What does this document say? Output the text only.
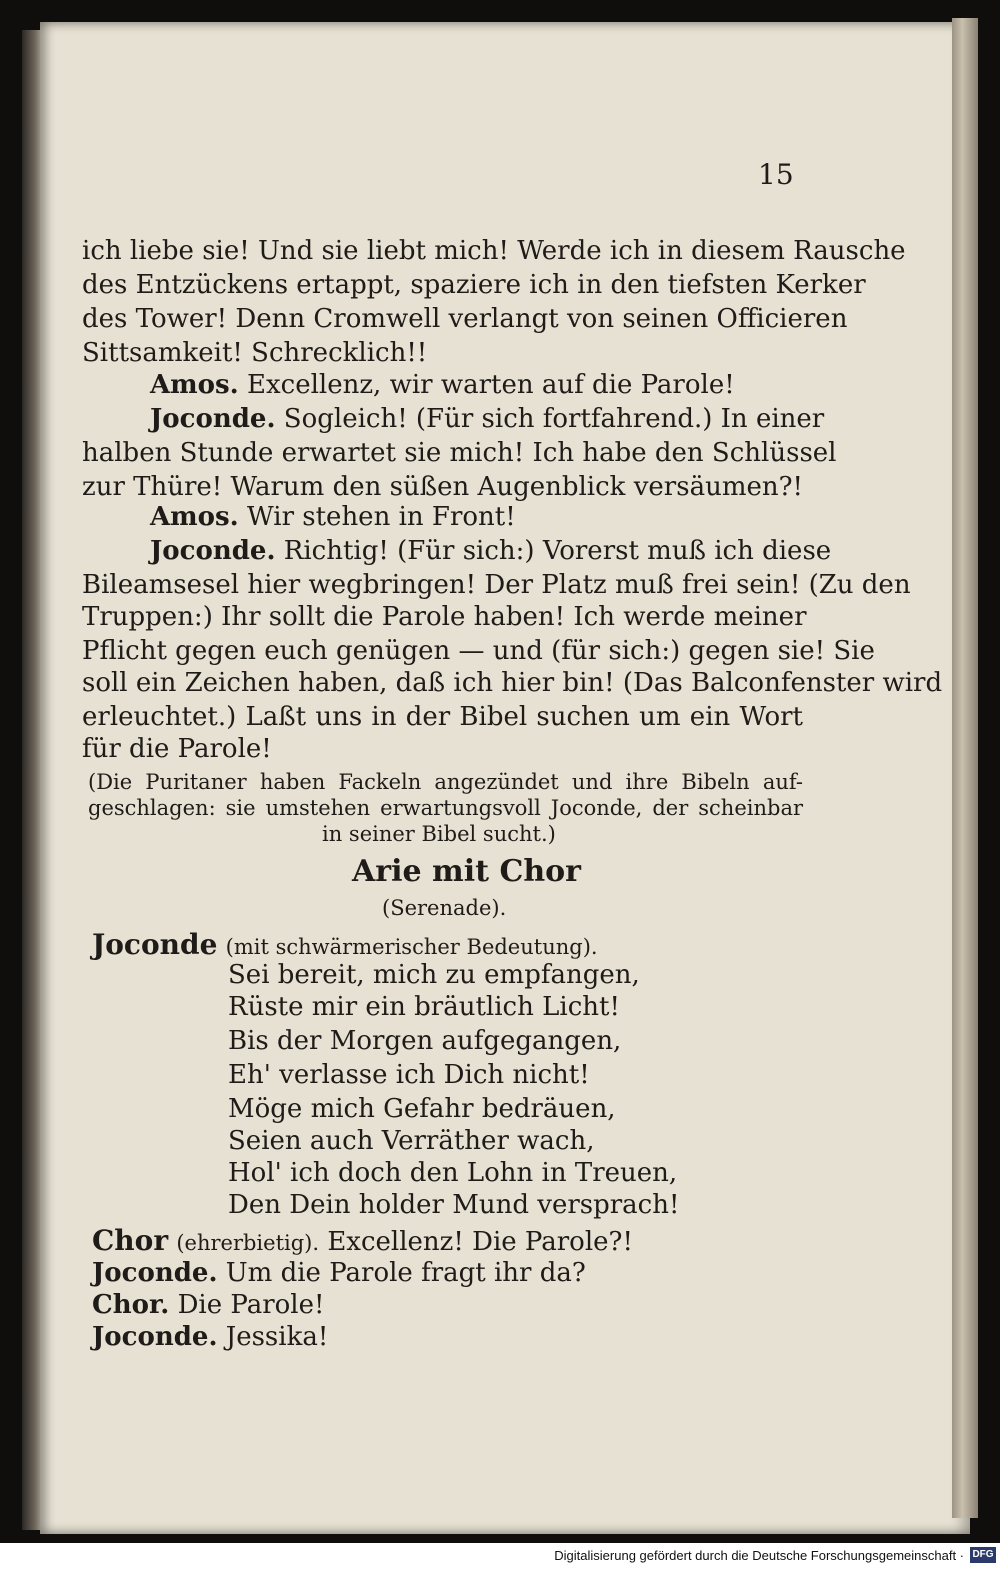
15
ich liebe sie! Und sie liebt mich! Werde ich in diesem Rausche
des Entzückens ertappt, spaziere ich in den tiefsten Kerker
des Tower! Denn Cromwell verlangt von seinen Officieren
Sittsamkeit! Schrecklich!!
Amos. Excellenz, wir warten auf die Parole!
Joconde. Sogleich! (Für sich fortfahrend.) In einer
halben Stunde erwartet sie mich! Ich habe den Schlüssel
zur Thüre! Warum den süßen Augenblick versäumen?!
Amos. Wir stehen in Front!
Joconde. Richtig! (Für sich:) Vorerst muß ich diese
Bileamsesel hier wegbringen! Der Platz muß frei sein! (Zu den
Truppen:) Ihr sollt die Parole haben! Ich werde meiner
Pflicht gegen euch genügen — und (für sich:) gegen sie! Sie
soll ein Zeichen haben, daß ich hier bin! (Das Balconfenster wird
erleuchtet.) Laßt uns in der Bibel suchen um ein Wort
für die Parole!
(Die Puritaner haben Fackeln angezündet und ihre Bibeln auf-
geschlagen: sie umstehen erwartungsvoll Joconde, der scheinbar
in seiner Bibel sucht.)
Arie mit Chor
(Serenade).
Joconde (mit schwärmerischer Bedeutung).
Sei bereit, mich zu empfangen,
Rüste mir ein bräutlich Licht!
Bis der Morgen aufgegangen,
Eh' verlasse ich Dich nicht!
Möge mich Gefahr bedräuen,
Seien auch Verräther wach,
Hol' ich doch den Lohn in Treuen,
Den Dein holder Mund versprach!
Chor (ehrerbietig). Excellenz! Die Parole?!
Joconde. Um die Parole fragt ihr da?
Chor. Die Parole!
Joconde. Jessika!
Digitalisierung gefördert durch die Deutsche Forschungsgemeinschaft · DFG
